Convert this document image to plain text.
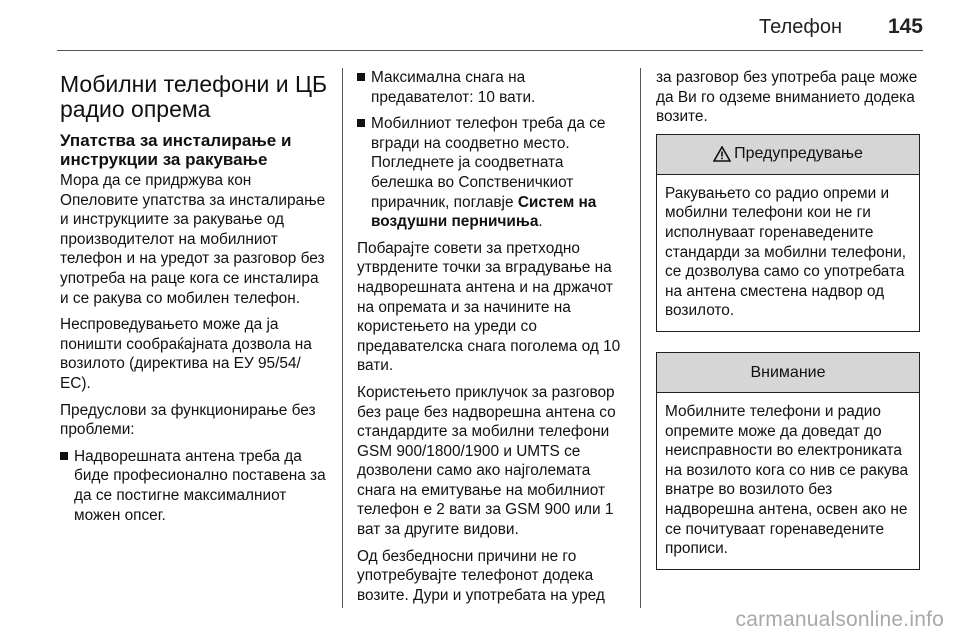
Телефон 145
Мобилни телефони и ЦБ радио опрема
Упатства за инсталирање и инструкции за ракување
Мора да се придржува кон Опеловите упатства за инсталирање и инструкциите за ракување од производителот на мобилниот телефон и на уредот за разговор без употреба на раце кога се инсталира и се ракува со мобилен телефон.
Неспроведувањето може да ја поништи сообраќајната дозвола на возилото (директива на ЕУ 95/54/ЕС).
Предуслови за функционирање без проблеми:
Надворешната антена треба да биде професионално поставена за да се постигне максималниот можен опсег.
Максимална снага на предавателот: 10 вати.
Мобилниот телефон треба да се вгради на соодветно место. Погледнете ја соодветната белешка во Сопственичкиот прирачник, поглавје Систем на воздушни перничиња.
Побарајте совети за претходно утврдените точки за вградување на надворешната антена и на држачот на опремата и за начините на користењето на уреди со предавателска снага поголема од 10 вати.
Користењето приклучок за разговор без раце без надворешна антена со стандардите за мобилни телефони GSM 900/1800/1900 и UMTS се дозволени само ако најголемата снага на емитување на мобилниот телефон е 2 вати за GSM 900 или 1 ват за другите видови.
Од безбедносни причини не го употребувајте телефонот додека возите. Дури и употребата на уред
за разговор без употреба раце може да Ви го одземе вниманието додека возите.
Предупредување
Ракувањето со радио опреми и мобилни телефони кои не ги исполнуваат горенаведените стандарди за мобилни телефони, се дозволува само со употребата на антена сместена надвор од возилото.
Внимание
Мобилните телефони и радио опремите може да доведат до неисправности во електрониката на возилото кога со нив се ракува внатре во возилото без надворешна антена, освен ако не се почитуваат горенаведените прописи.
carmanualsonline.info
